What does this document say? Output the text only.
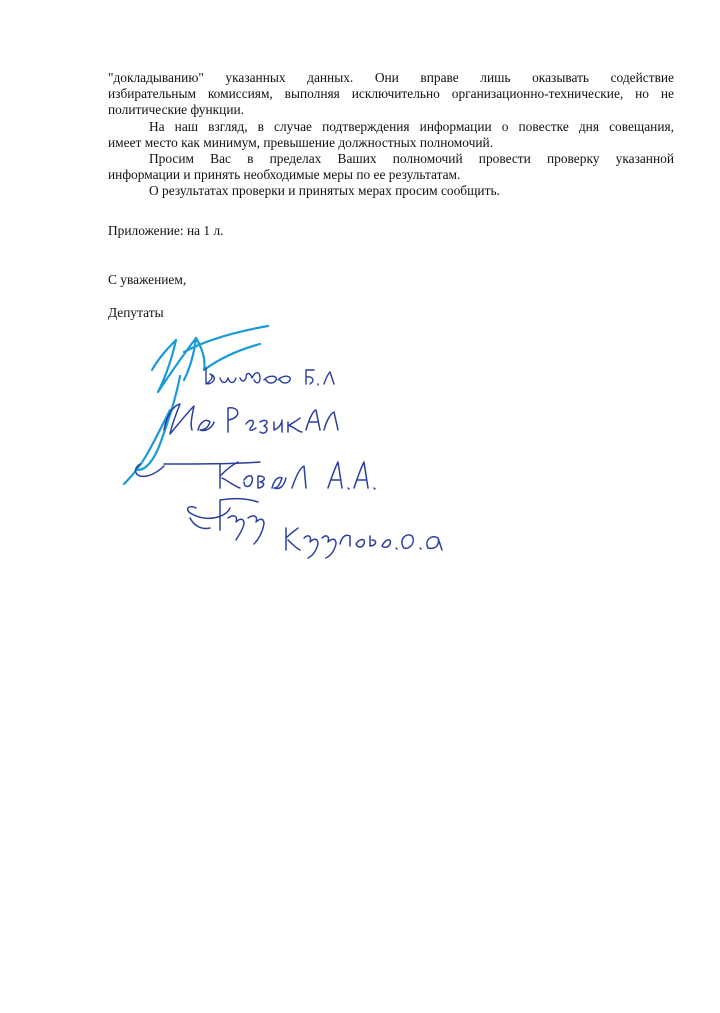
"докладыванию" указанных данных. Они вправе лишь оказывать содействие
избирательным комиссиям, выполняя исключительно организационно-технические, но не
политические функции.

На наш взгляд, в случае подтверждения информации о повестке дня совещания,
имеет место как минимум, превышение должностных полномочий.

Просим Вас в пределах Ваших полномочий провести проверку указанной
информации и принять необходимые меры по ее результатам.

О результатах проверки и принятых мерах просим сообщить.

Приложение: на 1 л.

С уважением,

Депутаты
